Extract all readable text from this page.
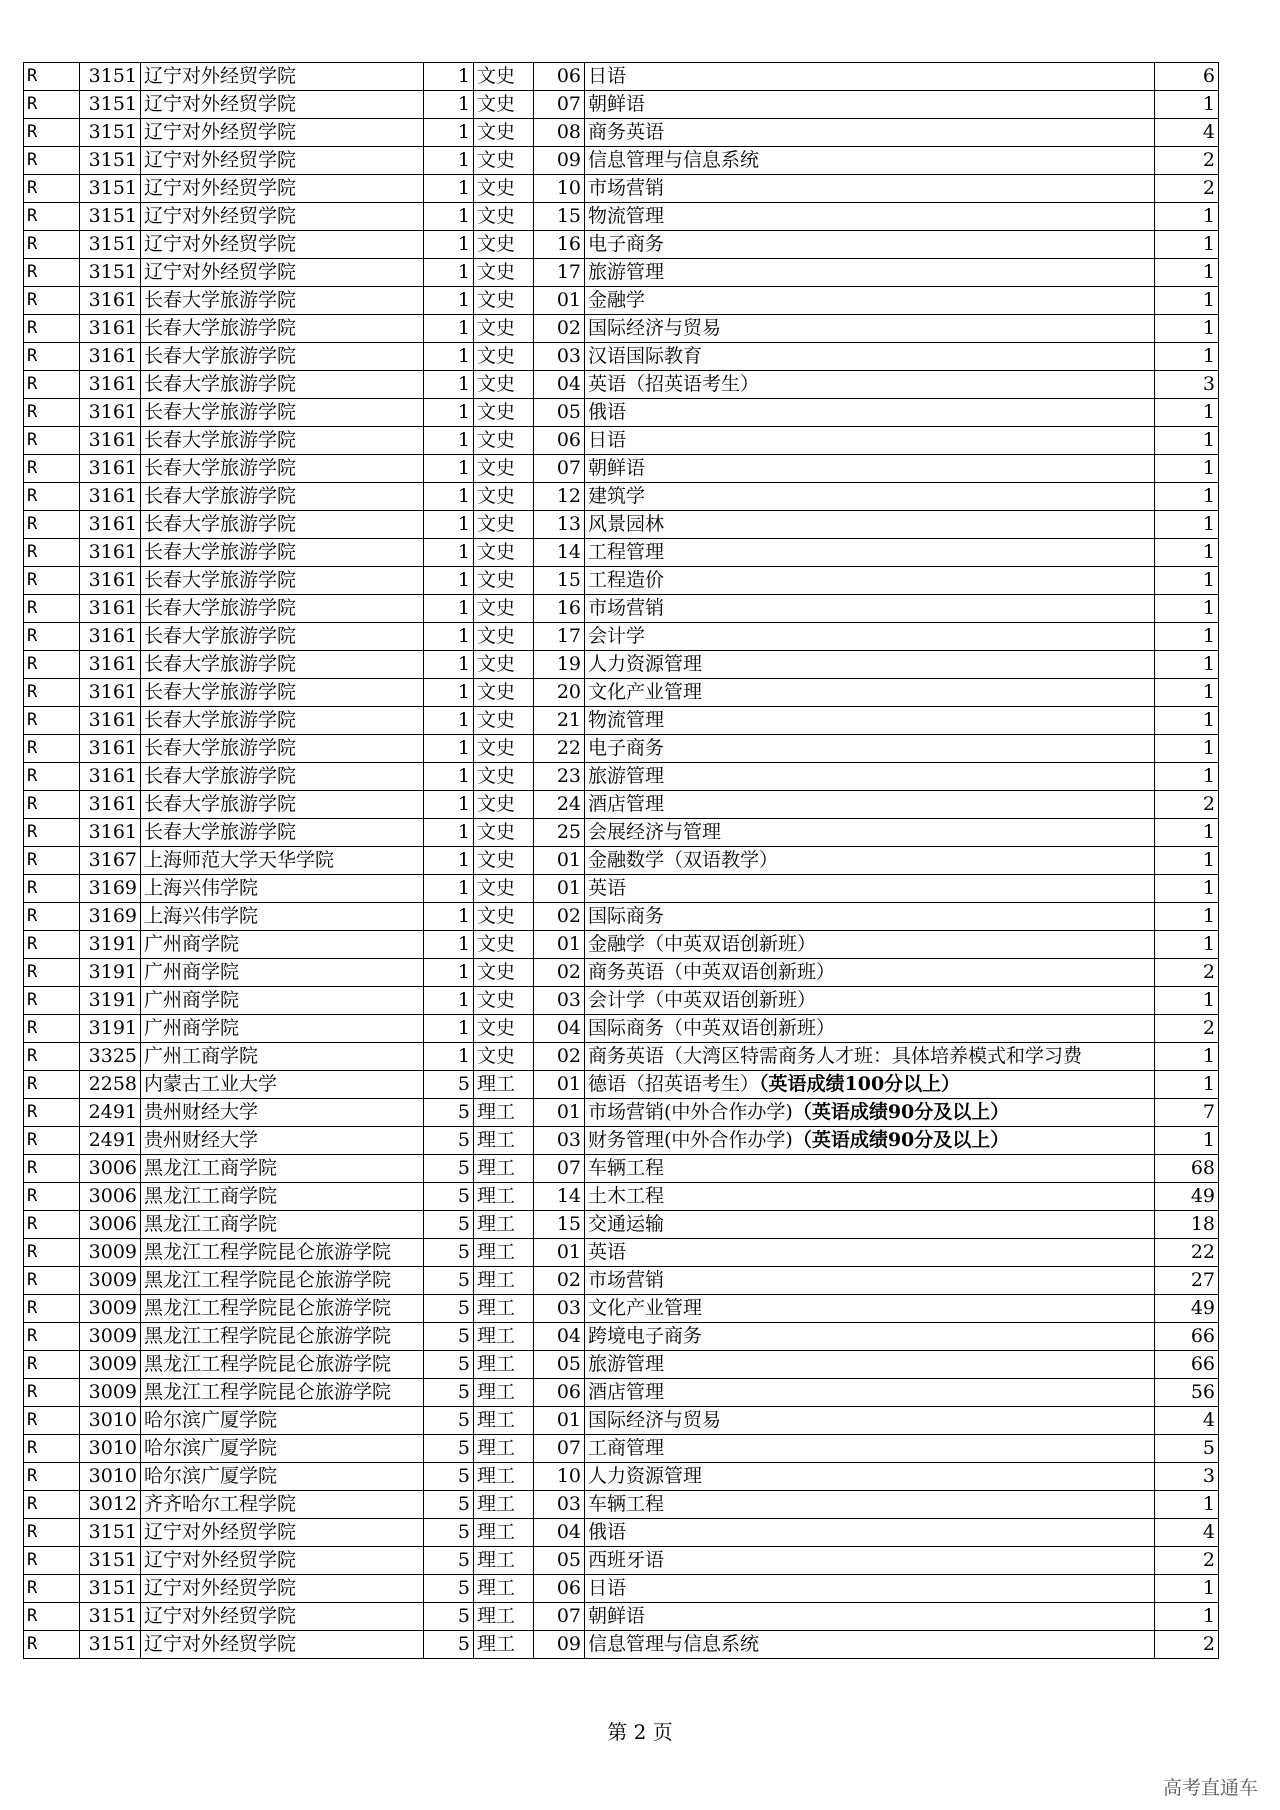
R	3151	辽宁对外经贸学院	1	文史	06	日语	6
R	3151	辽宁对外经贸学院	1	文史	07	朝鲜语	1
R	3151	辽宁对外经贸学院	1	文史	08	商务英语	4
R	3151	辽宁对外经贸学院	1	文史	09	信息管理与信息系统	2
R	3151	辽宁对外经贸学院	1	文史	10	市场营销	2
R	3151	辽宁对外经贸学院	1	文史	15	物流管理	1
R	3151	辽宁对外经贸学院	1	文史	16	电子商务	1
R	3151	辽宁对外经贸学院	1	文史	17	旅游管理	1
R	3161	长春大学旅游学院	1	文史	01	金融学	1
R	3161	长春大学旅游学院	1	文史	02	国际经济与贸易	1
R	3161	长春大学旅游学院	1	文史	03	汉语国际教育	1
R	3161	长春大学旅游学院	1	文史	04	英语（招英语考生）	3
R	3161	长春大学旅游学院	1	文史	05	俄语	1
R	3161	长春大学旅游学院	1	文史	06	日语	1
R	3161	长春大学旅游学院	1	文史	07	朝鲜语	1
R	3161	长春大学旅游学院	1	文史	12	建筑学	1
R	3161	长春大学旅游学院	1	文史	13	风景园林	1
R	3161	长春大学旅游学院	1	文史	14	工程管理	1
R	3161	长春大学旅游学院	1	文史	15	工程造价	1
R	3161	长春大学旅游学院	1	文史	16	市场营销	1
R	3161	长春大学旅游学院	1	文史	17	会计学	1
R	3161	长春大学旅游学院	1	文史	19	人力资源管理	1
R	3161	长春大学旅游学院	1	文史	20	文化产业管理	1
R	3161	长春大学旅游学院	1	文史	21	物流管理	1
R	3161	长春大学旅游学院	1	文史	22	电子商务	1
R	3161	长春大学旅游学院	1	文史	23	旅游管理	1
R	3161	长春大学旅游学院	1	文史	24	酒店管理	2
R	3161	长春大学旅游学院	1	文史	25	会展经济与管理	1
R	3167	上海师范大学天华学院	1	文史	01	金融数学（双语教学）	1
R	3169	上海兴伟学院	1	文史	01	英语	1
R	3169	上海兴伟学院	1	文史	02	国际商务	1
R	3191	广州商学院	1	文史	01	金融学（中英双语创新班）	1
R	3191	广州商学院	1	文史	02	商务英语（中英双语创新班）	2
R	3191	广州商学院	1	文史	03	会计学（中英双语创新班）	1
R	3191	广州商学院	1	文史	04	国际商务（中英双语创新班）	2
R	3325	广州工商学院	1	文史	02	商务英语（大湾区特需商务人才班：具体培养模式和学习费	1
R	2258	内蒙古工业大学	5	理工	01	德语（招英语考生）（英语成绩100分以上）	1
R	2491	贵州财经大学	5	理工	01	市场营销(中外合作办学)（英语成绩90分及以上）	7
R	2491	贵州财经大学	5	理工	03	财务管理(中外合作办学)（英语成绩90分及以上）	1
R	3006	黑龙江工商学院	5	理工	07	车辆工程	68
R	3006	黑龙江工商学院	5	理工	14	土木工程	49
R	3006	黑龙江工商学院	5	理工	15	交通运输	18
R	3009	黑龙江工程学院昆仑旅游学院	5	理工	01	英语	22
R	3009	黑龙江工程学院昆仑旅游学院	5	理工	02	市场营销	27
R	3009	黑龙江工程学院昆仑旅游学院	5	理工	03	文化产业管理	49
R	3009	黑龙江工程学院昆仑旅游学院	5	理工	04	跨境电子商务	66
R	3009	黑龙江工程学院昆仑旅游学院	5	理工	05	旅游管理	66
R	3009	黑龙江工程学院昆仑旅游学院	5	理工	06	酒店管理	56
R	3010	哈尔滨广厦学院	5	理工	01	国际经济与贸易	4
R	3010	哈尔滨广厦学院	5	理工	07	工商管理	5
R	3010	哈尔滨广厦学院	5	理工	10	人力资源管理	3
R	3012	齐齐哈尔工程学院	5	理工	03	车辆工程	1
R	3151	辽宁对外经贸学院	5	理工	04	俄语	4
R	3151	辽宁对外经贸学院	5	理工	05	西班牙语	2
R	3151	辽宁对外经贸学院	5	理工	06	日语	1
R	3151	辽宁对外经贸学院	5	理工	07	朝鲜语	1
R	3151	辽宁对外经贸学院	5	理工	09	信息管理与信息系统	2
第 2 页
高考直通车
